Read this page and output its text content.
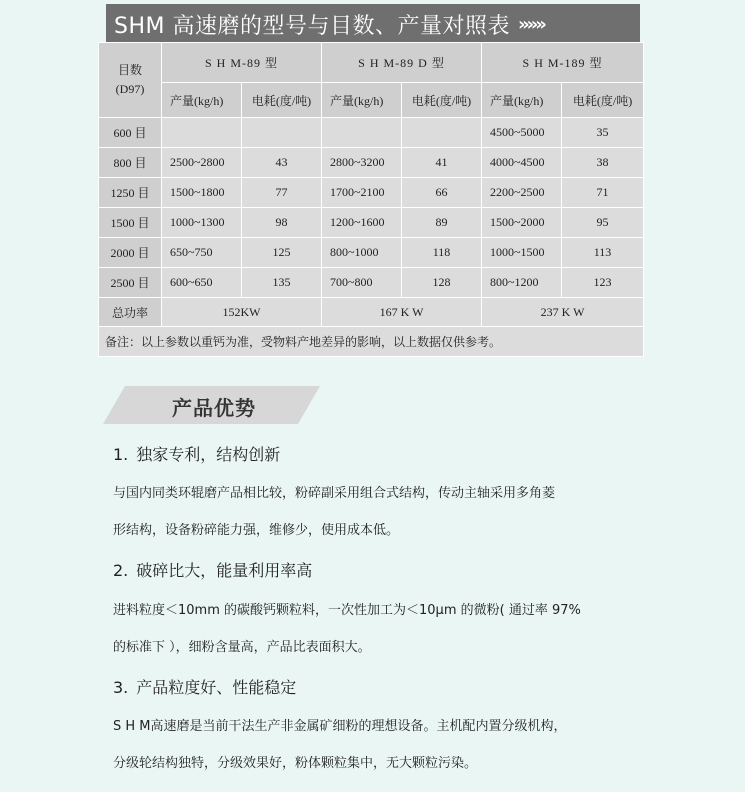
SHM 高速磨的型号与目数、产量对照表 »»»
目数
(D97)	S H M-89 型		S H M-89 D 型		S H M-189 型	
	产量(kg/h)	电耗(度/吨)	产量(kg/h)	电耗(度/吨)	产量(kg/h)	电耗(度/吨)
600 目					4500~5000	35
800 目	2500~2800	43	2800~3200	41	4000~4500	38
1250 目	1500~1800	77	1700~2100	66	2200~2500	71
1500 目	1000~1300	98	1200~1600	89	1500~2000	95
2000 目	650~750	125	800~1000	118	1000~1500	113
2500 目	600~650	135	700~800	128	800~1200	123
总功率	152KW		167 K W		237 K W	
备注：以上参数以重钙为准，受物料产地差异的影响，以上数据仅供参考。						
产品优势
1. 独家专利，结构创新
与国内同类环辊磨产品相比较，粉碎副采用组合式结构，传动主轴采用多角菱
形结构，设备粉碎能力强，维修少，使用成本低。
2. 破碎比大，能量利用率高
进料粒度＜10mm 的碳酸钙颗粒料，一次性加工为＜10μm 的微粉( 通过率 97%
的标准下 ），细粉含量高，产品比表面积大。
3. 产品粒度好、性能稳定
S H M高速磨是当前干法生产非金属矿细粉的理想设备。主机配内置分级机构，
分级轮结构独特，分级效果好，粉体颗粒集中，无大颗粒污染。
